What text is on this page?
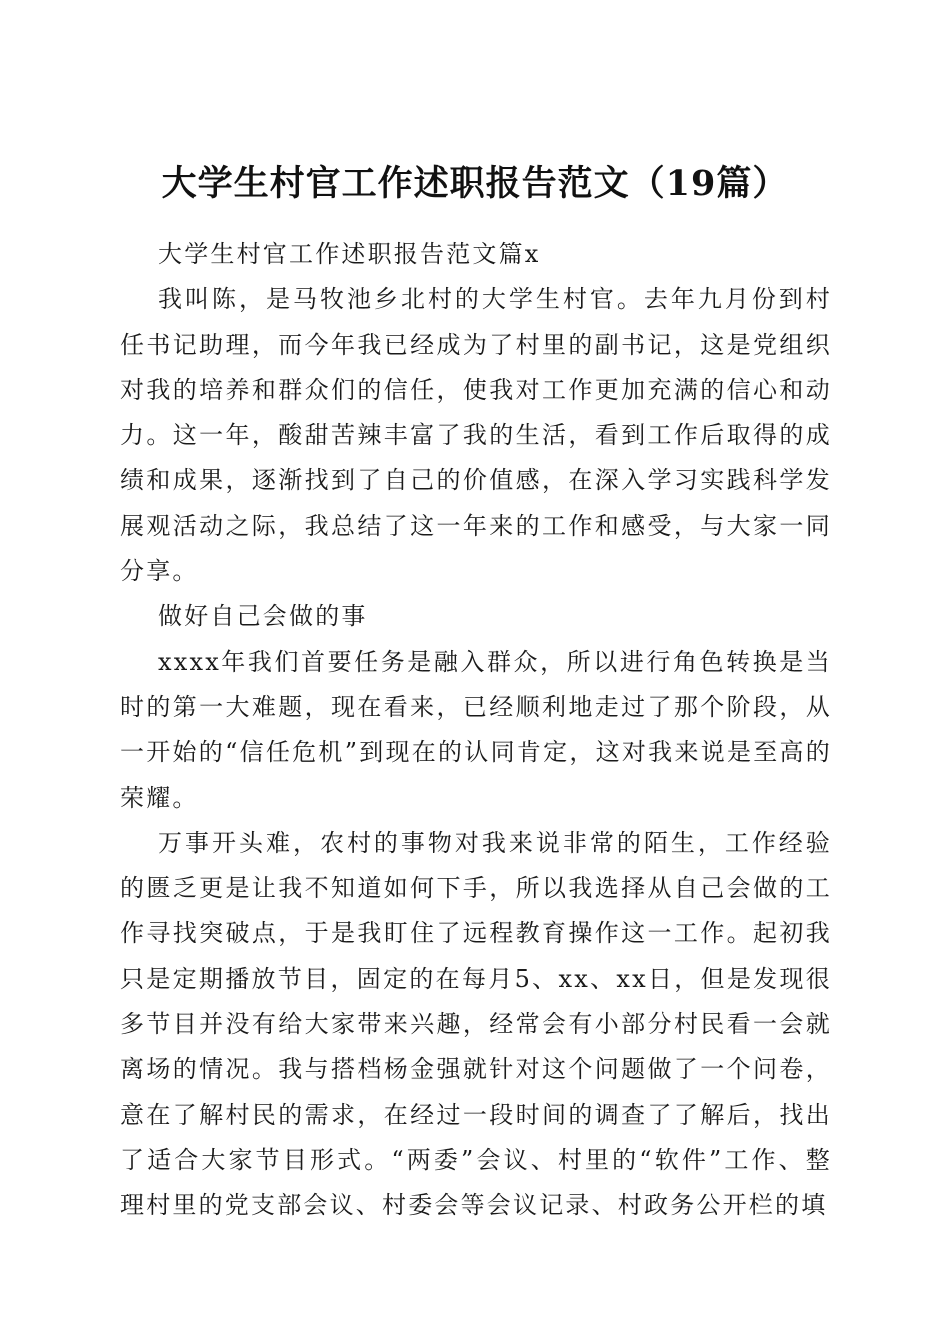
大学生村官工作述职报告范文（19篇）

大学生村官工作述职报告范文篇x

我叫陈，是马牧池乡北村的大学生村官。去年九月份到村任书记助理，而今年我已经成为了村里的副书记，这是党组织对我的培养和群众们的信任，使我对工作更加充满的信心和动力。这一年，酸甜苦辣丰富了我的生活，看到工作后取得的成绩和成果，逐渐找到了自己的价值感，在深入学习实践科学发展观活动之际，我总结了这一年来的工作和感受，与大家一同分享。

做好自己会做的事

xxxx年我们首要任务是融入群众，所以进行角色转换是当时的第一大难题，现在看来，已经顺利地走过了那个阶段，从一开始的“信任危机”到现在的认同肯定，这对我来说是至高的荣耀。

万事开头难，农村的事物对我来说非常的陌生，工作经验的匮乏更是让我不知道如何下手，所以我选择从自己会做的工作寻找突破点，于是我盯住了远程教育操作这一工作。起初我只是定期播放节目，固定的在每月5、xx、xx日，但是发现很多节目并没有给大家带来兴趣，经常会有小部分村民看一会就离场的情况。我与搭档杨金强就针对这个问题做了一个问卷，意在了解村民的需求，在经过一段时间的调查了了解后，找出了适合大家节目形式。“两委”会议、村里的“软件”工作、整理村里的党支部会议、村委会等会议记录、村政务公开栏的填
